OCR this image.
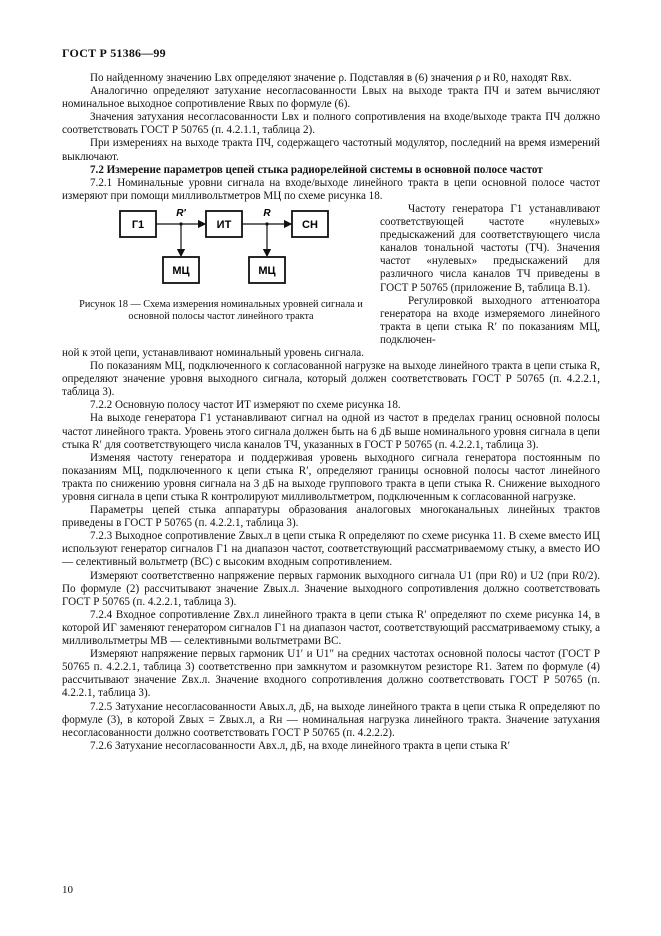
ГОСТ Р 51386—99

По найденному значению Lвх определяют значение ρ. Подставляя в (6) значения ρ и R0, находят Rвх.

Аналогично определяют затухание несогласованности Lвых на выходе тракта ПЧ и затем вычисляют номинальное выходное сопротивление Rвых по формуле (6).

Значения затухания несогласованности Lвх и полного сопротивления на входе/выходе тракта ПЧ должно соответствовать ГОСТ Р 50765 (п. 4.2.1.1, таблица 2).

При измерениях на выходе тракта ПЧ, содержащего частотный модулятор, последний на время измерений выключают.

7.2 Измерение параметров цепей стыка радиорелейной системы в основной полосе частот

7.2.1 Номинальные уровни сигнала на входе/выходе линейного тракта в цепи основной полосе частот измеряют при помощи милливольтметров МЦ по схеме рисунка 18.

Г1	ИТ	СН
R'	R
МЦ	МЦ
Рисунок 18 — Схема измерения номинальных уровней сигнала и основной полосы частот линейного тракта

Частоту генератора Г1 устанавливают соответствующей частоте «нулевых» предыскажений для соответствующего числа каналов тональной частоты (ТЧ). Значения частот «нулевых» предыскажений для различного числа каналов ТЧ приведены в ГОСТ Р 50765 (приложение В, таблица В.1).

Регулировкой выходного аттенюатора генератора на входе измеряемого линейного тракта в цепи стыка R′ по показаниям МЦ, подключен-

ной к этой цепи, устанавливают номинальный уровень сигнала.

По показаниям МЦ, подключенного к согласованной нагрузке на выходе линейного тракта в цепи стыка R, определяют значение уровня выходного сигнала, который должен соответствовать ГОСТ Р 50765 (п. 4.2.2.1, таблица 3).

7.2.2 Основную полосу частот ИТ измеряют по схеме рисунка 18.

На выходе генератора Г1 устанавливают сигнал на одной из частот в пределах границ основной полосы частот линейного тракта. Уровень этого сигнала должен быть на 6 дБ выше номинального уровня сигнала в цепи стыка R′ для соответствующего числа каналов ТЧ, указанных в ГОСТ Р 50765 (п. 4.2.2.1, таблица 3).

Изменяя частоту генератора и поддерживая уровень выходного сигнала генератора постоянным по показаниям МЦ, подключенного к цепи стыка R′, определяют границы основной полосы частот линейного тракта по снижению уровня сигнала на 3 дБ на выходе группового тракта в цепи стыка R. Снижение выходного уровня сигнала в цепи стыка R контролируют милливольтметром, подключенным к согласованной нагрузке.

Параметры цепей стыка аппаратуры образования аналоговых многоканальных линейных трактов приведены в ГОСТ Р 50765 (п. 4.2.2.1, таблица 3).

7.2.3 Выходное сопротивление Zвых.л в цепи стыка R определяют по схеме рисунка 11. В схеме вместо ИЦ используют генератор сигналов Г1 на диапазон частот, соответствующий рассматриваемому стыку, а вместо ИО — селективный вольтметр (ВС) с высоким входным сопротивлением.

Измеряют соответственно напряжение первых гармоник выходного сигнала U1 (при R0) и U2 (при R0/2). По формуле (2) рассчитывают значение Zвых.л. Значение выходного сопротивления должно соответствовать ГОСТ Р 50765 (п. 4.2.2.1, таблица 3).

7.2.4 Входное сопротивление Zвх.л линейного тракта в цепи стыка R′ определяют по схеме рисунка 14, в которой ИГ заменяют генератором сигналов Г1 на диапазон частот, соответствующий рассматриваемому стыку, а милливольтметры МВ — селективными вольтметрами ВС.

Измеряют напряжение первых гармоник U1′ и U1″ на средних частотах основной полосы частот (ГОСТ Р 50765 п. 4.2.2.1, таблица 3) соответственно при замкнутом и разомкнутом резисторе R1. Затем по формуле (4) рассчитывают значение Zвх.л. Значение входного сопротивления должно соответствовать ГОСТ Р 50765 (п. 4.2.2.1, таблица 3).

7.2.5 Затухание несогласованности Aвых.л, дБ, на выходе линейного тракта в цепи стыка R определяют по формуле (3), в которой Zвых = Zвых.л, а Rн — номинальная нагрузка линейного тракта. Значение затухания несогласованности должно соответствовать ГОСТ Р 50765 (п. 4.2.2.2).

7.2.6 Затухание несогласованности Aвх.л, дБ, на входе линейного тракта в цепи стыка R′

10
